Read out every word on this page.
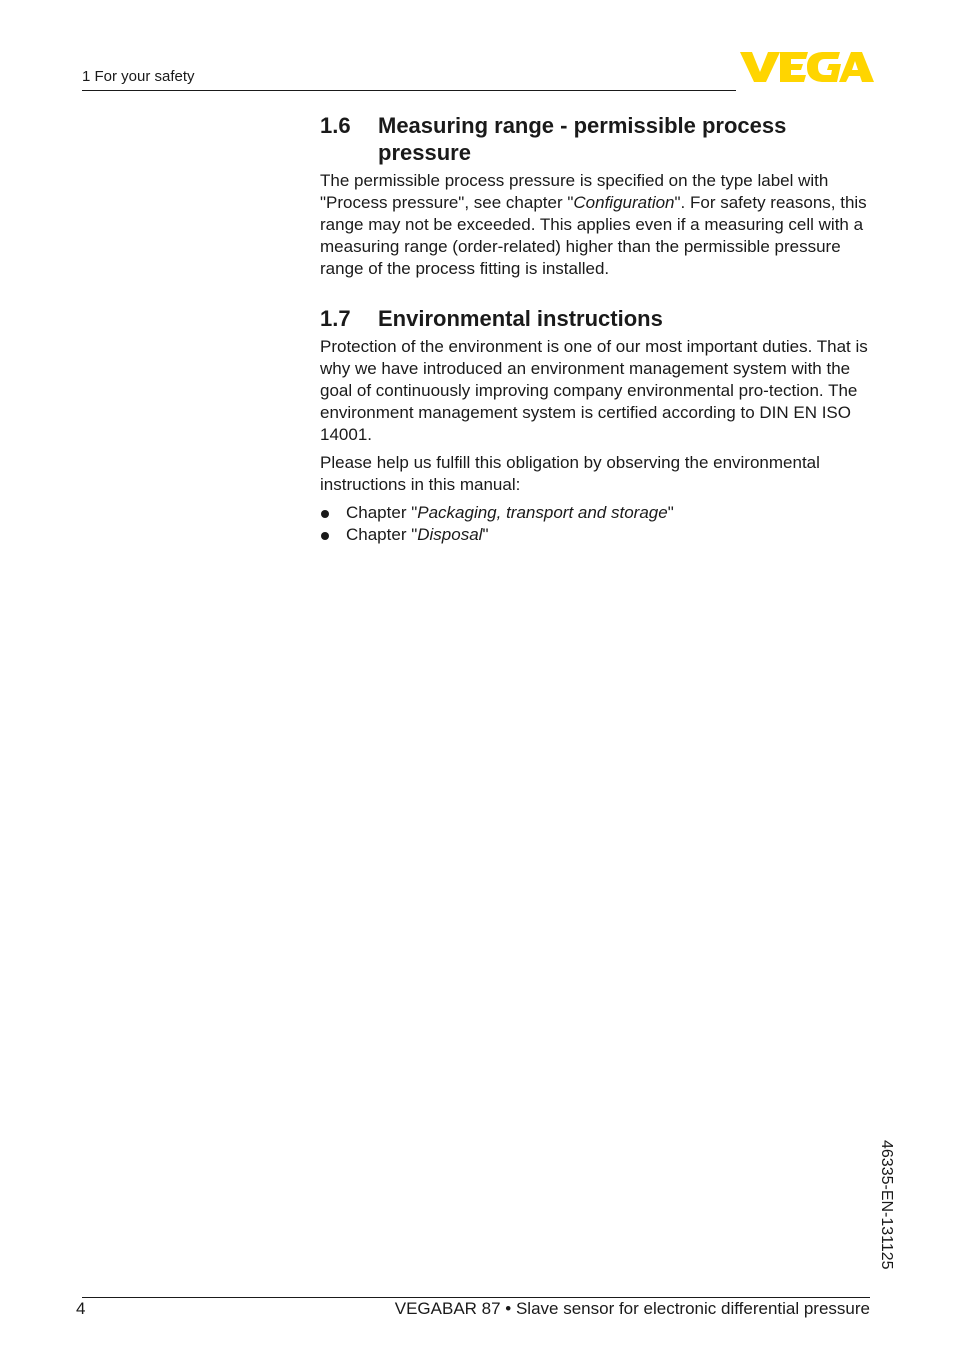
1 For your safety
1.6	Measuring range - permissible process pressure

The permissible process pressure is specified on the type label with "Process pressure", see chapter "Configuration". For safety reasons, this range may not be exceeded. This applies even if a measuring cell with a measuring range (order-related) higher than the permissible pressure range of the process fitting is installed.

1.7	Environmental instructions

Protection of the environment is one of our most important duties. That is why we have introduced an environment management system with the goal of continuously improving company environmental pro-tection. The environment management system is certified according to DIN EN ISO 14001.

Please help us fulfill this obligation by observing the environmental instructions in this manual:

Chapter "Packaging, transport and storage"
Chapter "Disposal"
46335-EN-131125
4	VEGABAR 87 • Slave sensor for electronic differential pressure
